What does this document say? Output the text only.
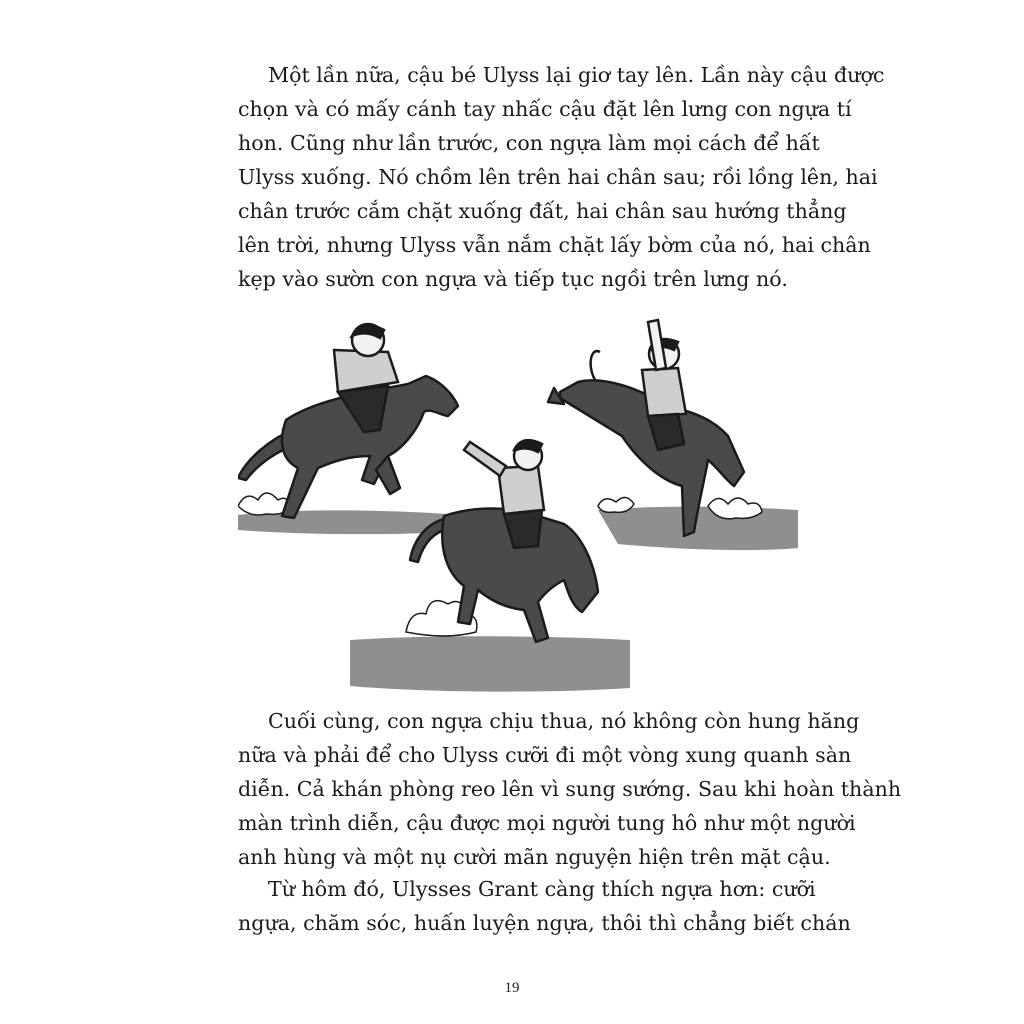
Một lần nữa, cậu bé Ulyss lại giơ tay lên. Lần này cậu được
chọn và có mấy cánh tay nhấc cậu đặt lên lưng con ngựa tí
hon. Cũng như lần trước, con ngựa làm mọi cách để hất
Ulyss xuống. Nó chồm lên trên hai chân sau; rồi lồng lên, hai
chân trước cắm chặt xuống đất, hai chân sau hướng thẳng
lên trời, nhưng Ulyss vẫn nắm chặt lấy bờm của nó, hai chân
kẹp vào sườn con ngựa và tiếp tục ngồi trên lưng nó.
Cuối cùng, con ngựa chịu thua, nó không còn hung hăng
nữa và phải để cho Ulyss cưỡi đi một vòng xung quanh sàn
diễn. Cả khán phòng reo lên vì sung sướng. Sau khi hoàn thành
màn trình diễn, cậu được mọi người tung hô như một người
anh hùng và một nụ cười mãn nguyện hiện trên mặt cậu.
Từ hôm đó, Ulysses Grant càng thích ngựa hơn: cưỡi
ngựa, chăm sóc, huấn luyện ngựa, thôi thì chẳng biết chán
19
